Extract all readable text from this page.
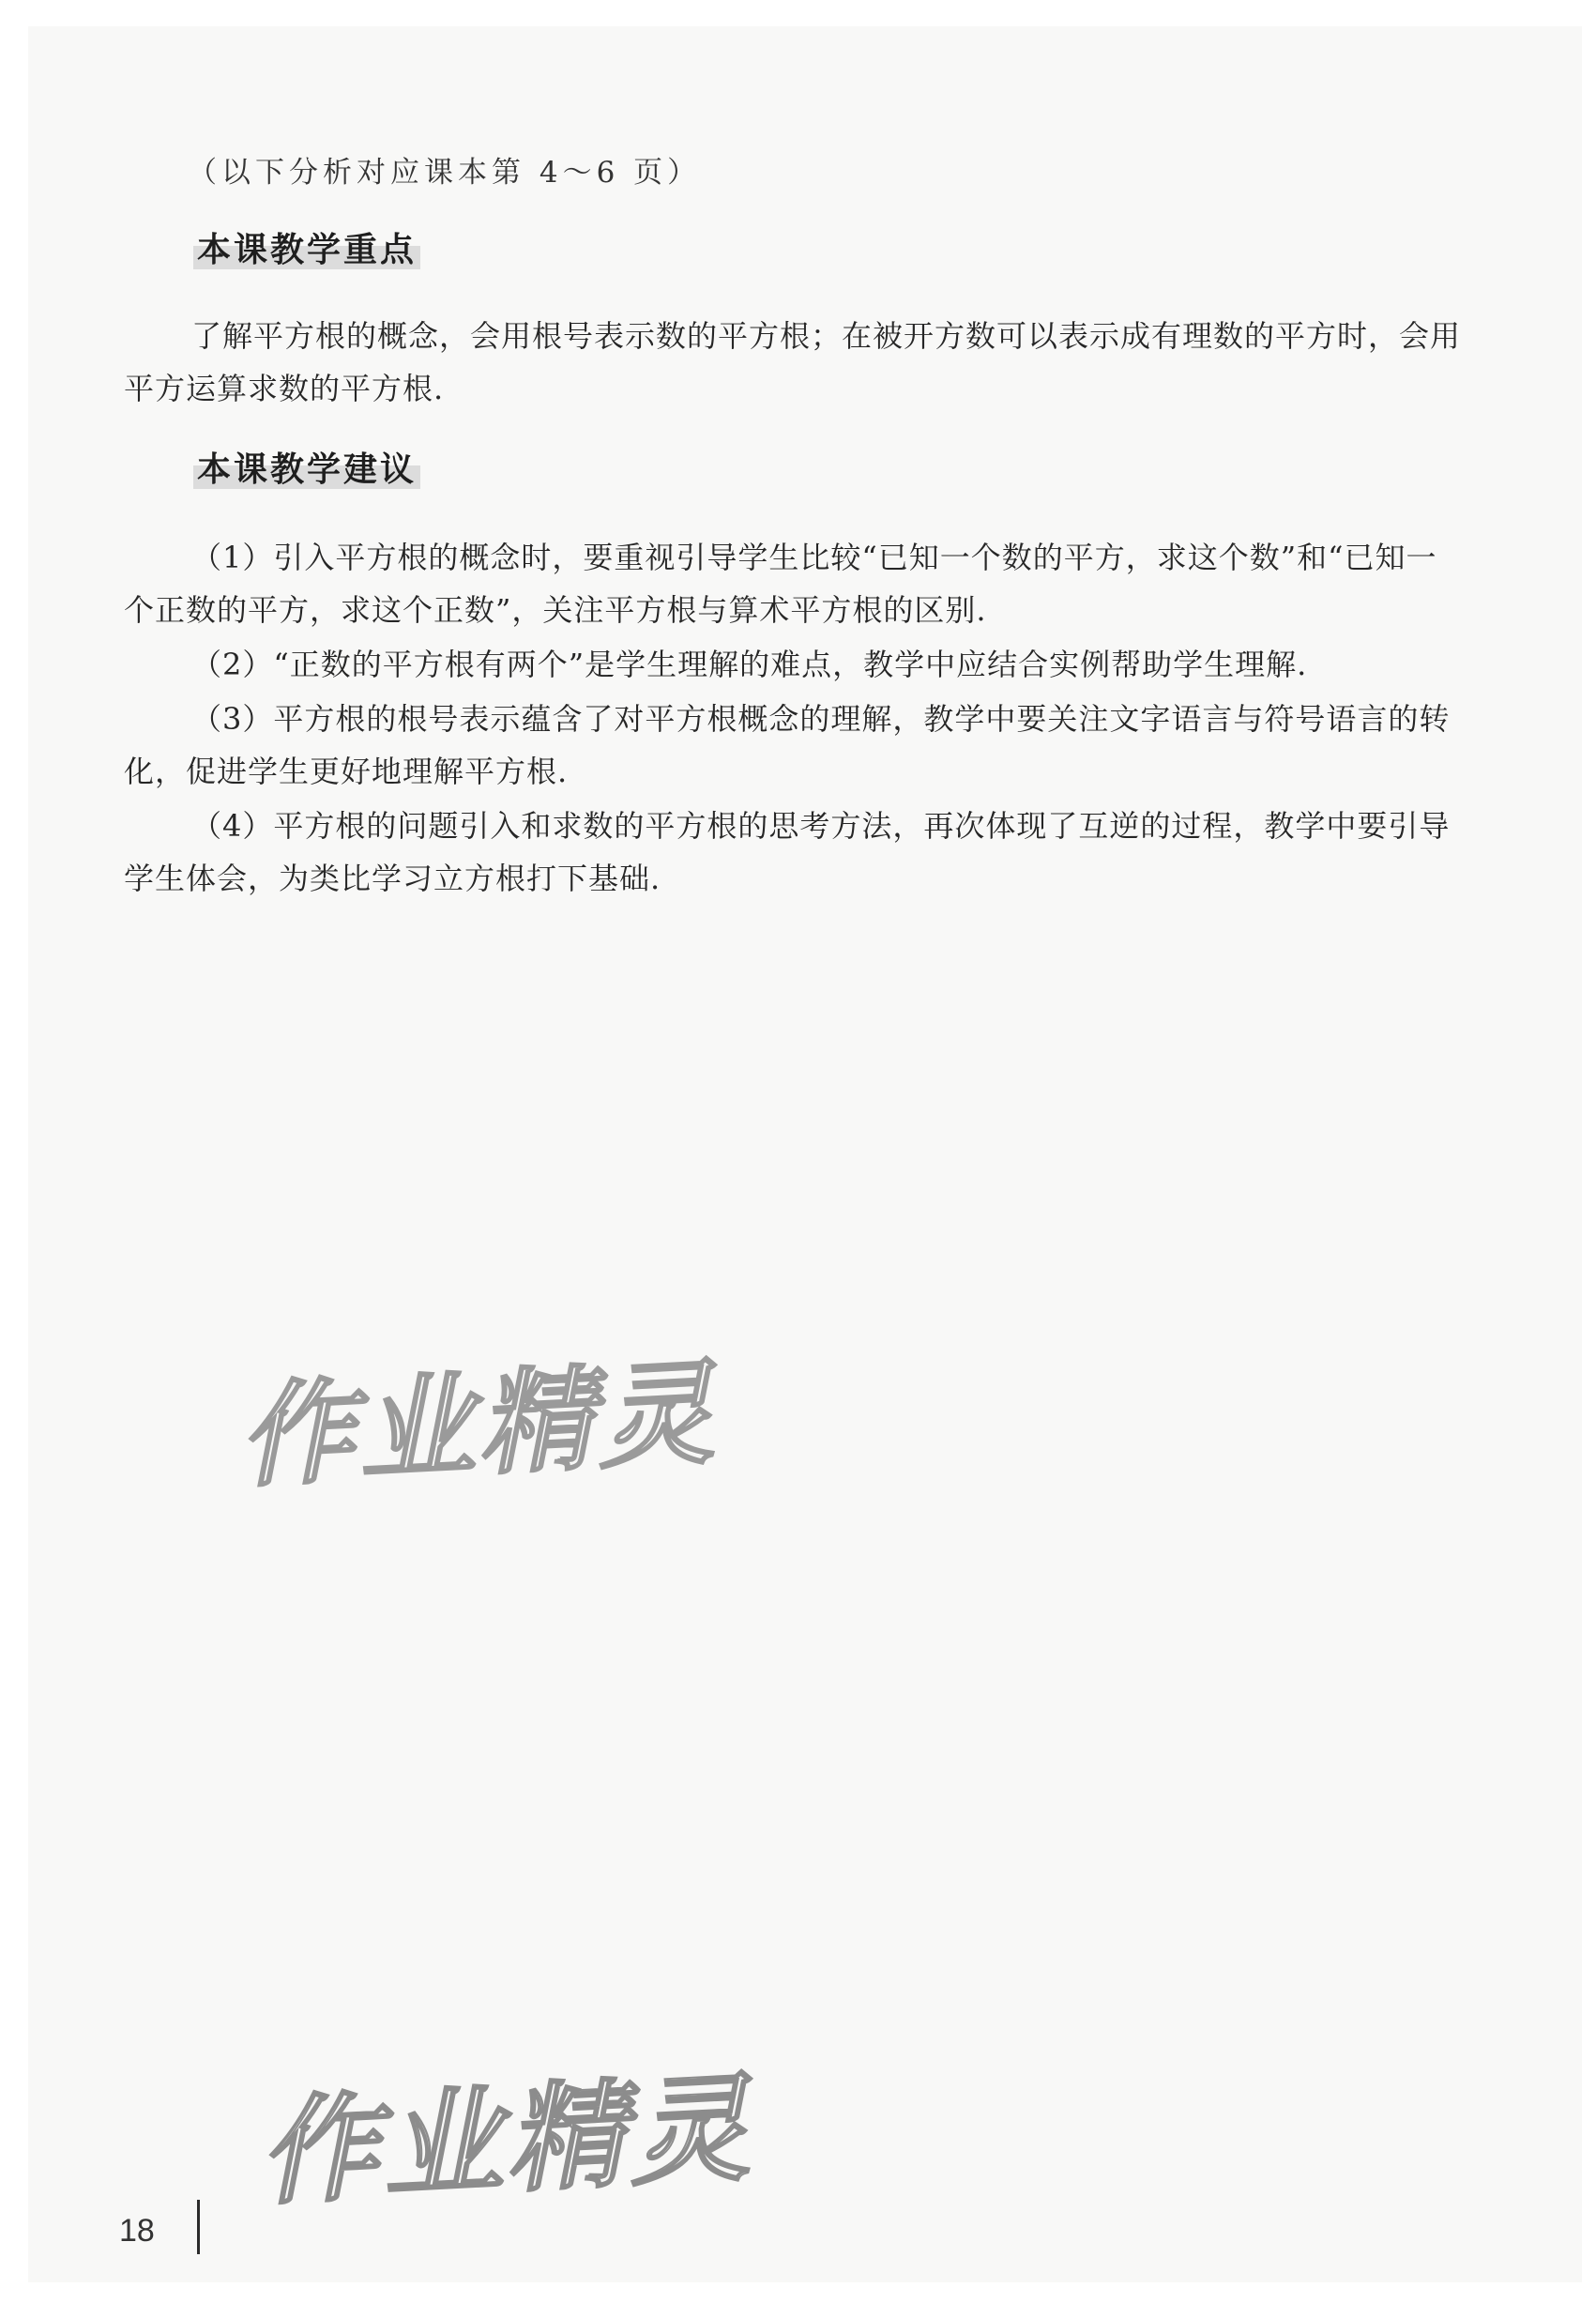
（以下分析对应课本第 4～6 页）
本课教学重点

了解平方根的概念，会用根号表示数的平方根；在被开方数可以表示成有理数的平方时，会用平方运算求数的平方根.

本课教学建议

（1）引入平方根的概念时，要重视引导学生比较“已知一个数的平方，求这个数”和“已知一个正数的平方，求这个正数”，关注平方根与算术平方根的区别.

（2）“正数的平方根有两个”是学生理解的难点，教学中应结合实例帮助学生理解.

（3）平方根的根号表示蕴含了对平方根概念的理解，教学中要关注文字语言与符号语言的转化，促进学生更好地理解平方根.

（4）平方根的问题引入和求数的平方根的思考方法，再次体现了互逆的过程，教学中要引导学生体会，为类比学习立方根打下基础.

作业精灵
作业精灵
18
